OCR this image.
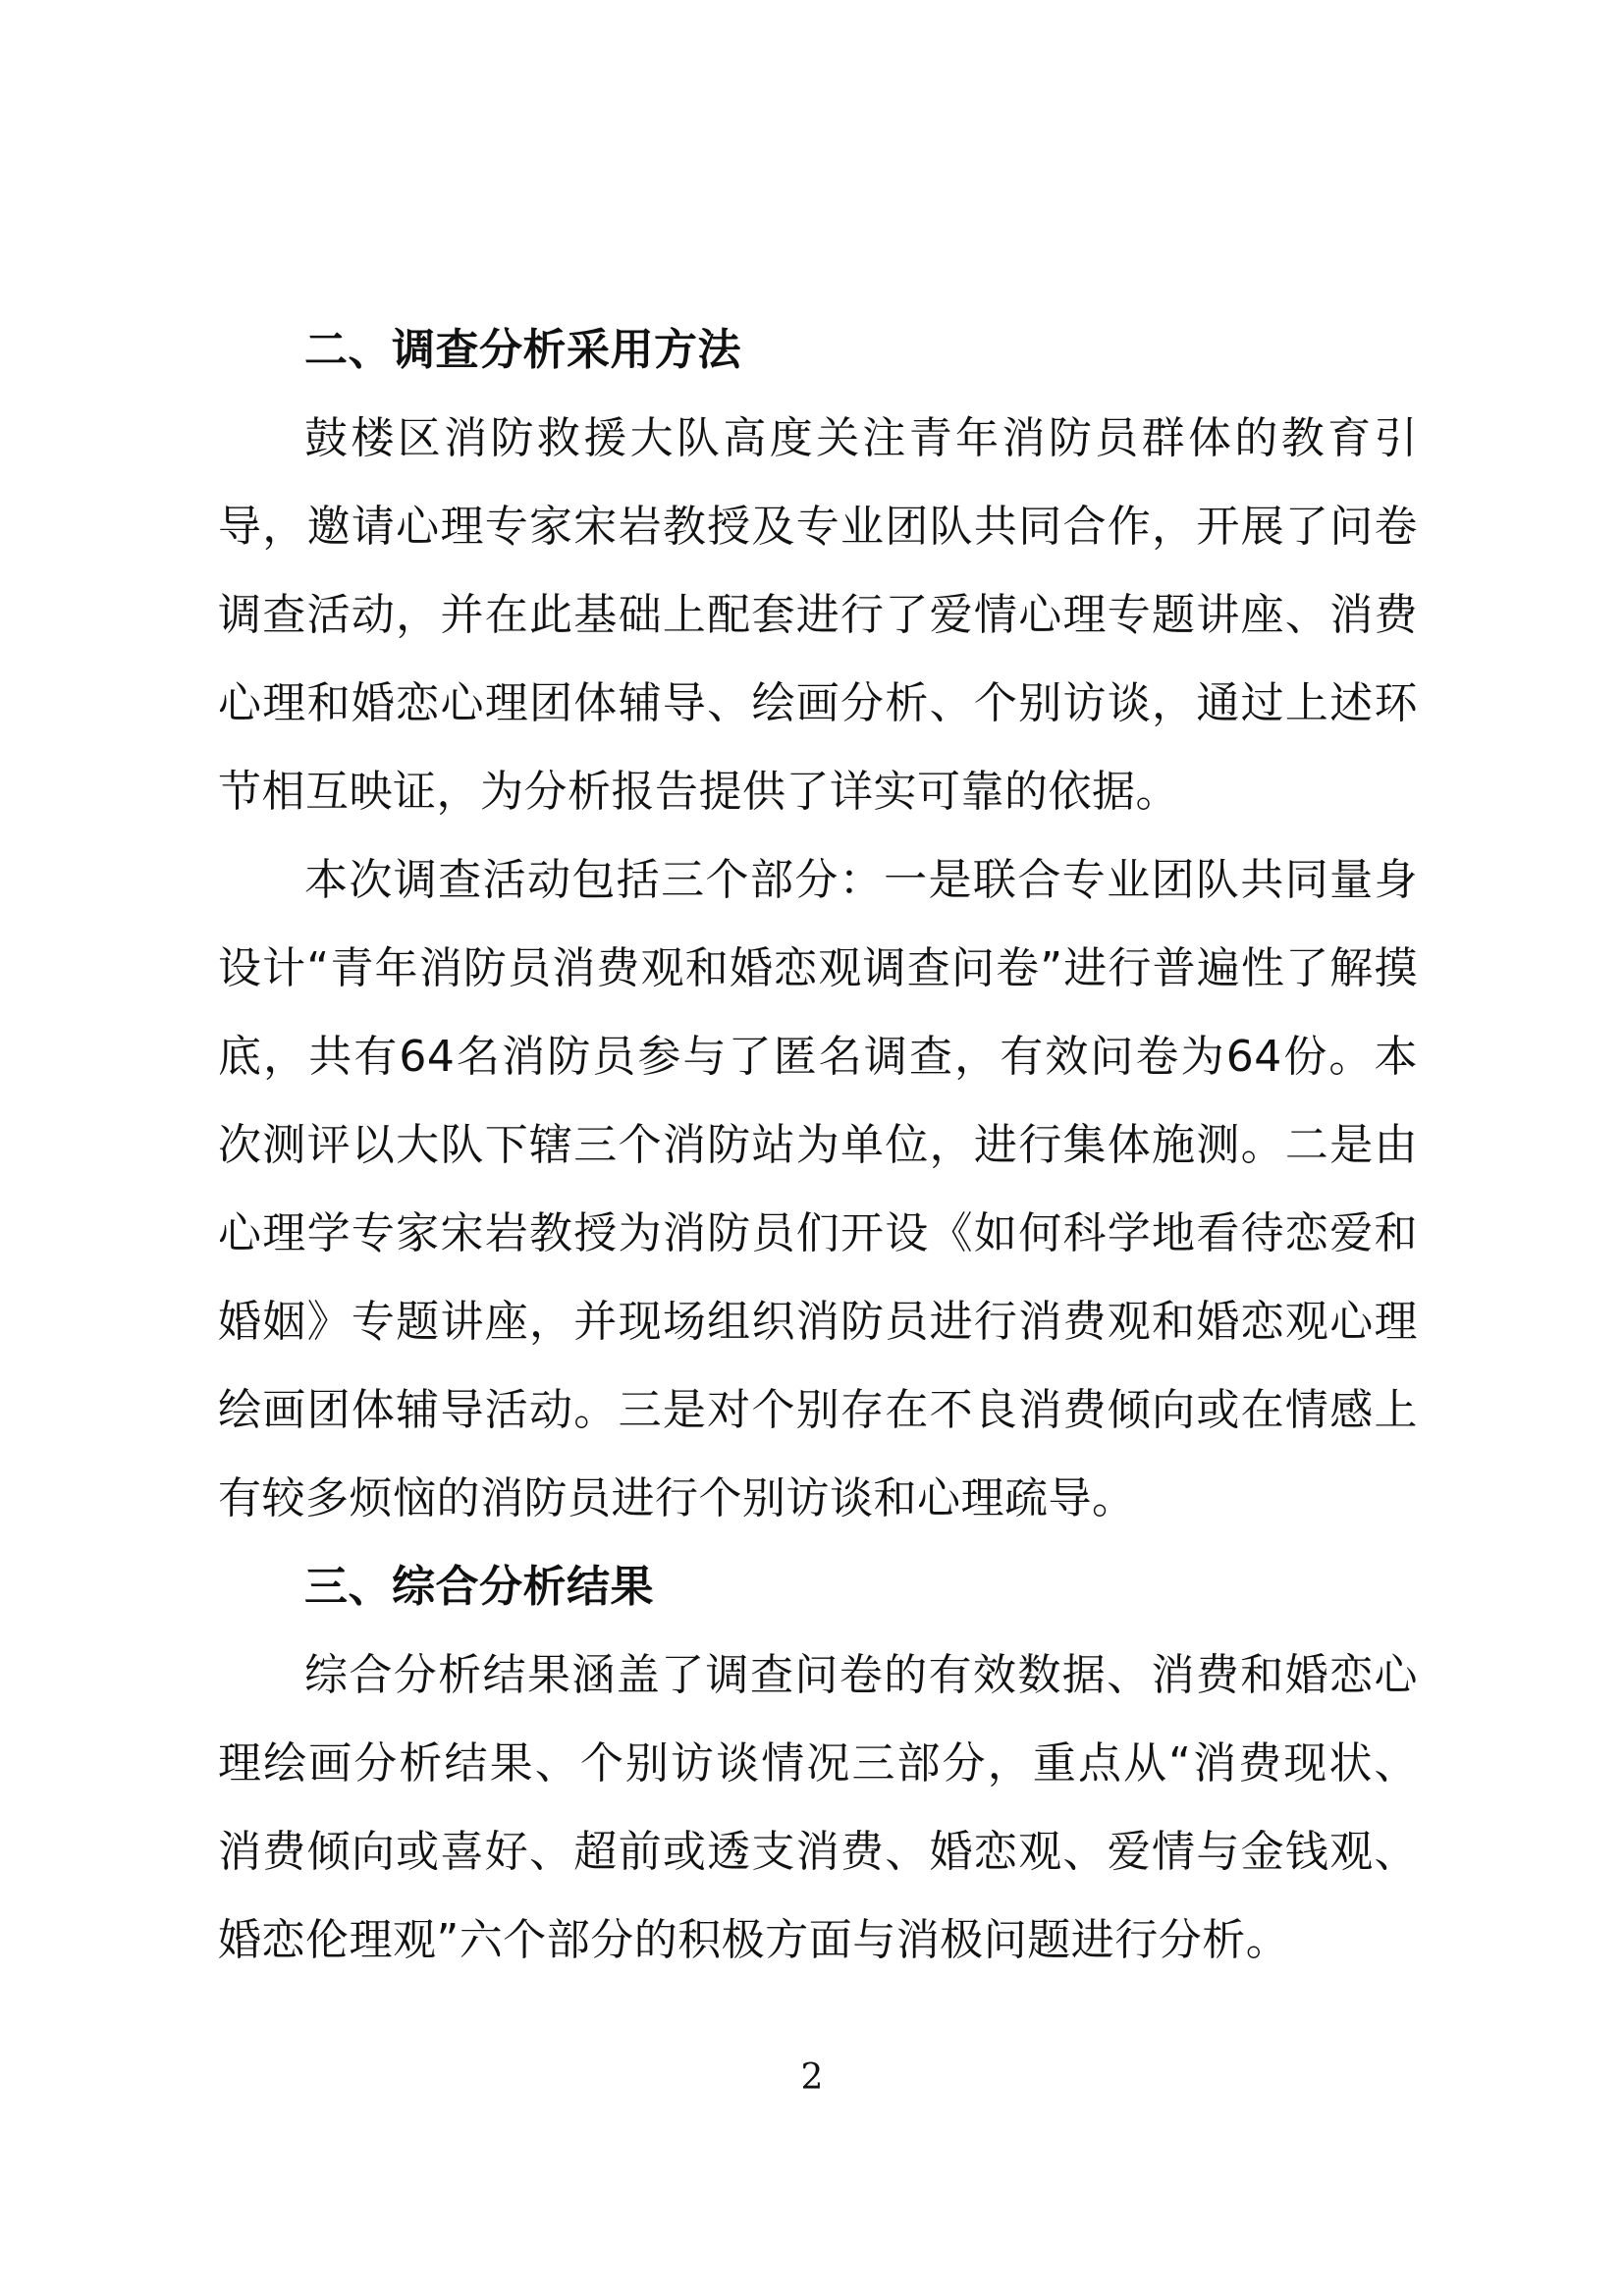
二、调查分析采用方法

鼓楼区消防救援大队高度关注青年消防员群体的教育引导，邀请心理专家宋岩教授及专业团队共同合作，开展了问卷调查活动，并在此基础上配套进行了爱情心理专题讲座、消费心理和婚恋心理团体辅导、绘画分析、个别访谈，通过上述环节相互映证，为分析报告提供了详实可靠的依据。

本次调查活动包括三个部分：一是联合专业团队共同量身设计“青年消防员消费观和婚恋观调查问卷”进行普遍性了解摸底，共有64名消防员参与了匿名调查，有效问卷为64份。本次测评以大队下辖三个消防站为单位，进行集体施测。二是由心理学专家宋岩教授为消防员们开设《如何科学地看待恋爱和婚姻》专题讲座，并现场组织消防员进行消费观和婚恋观心理绘画团体辅导活动。三是对个别存在不良消费倾向或在情感上有较多烦恼的消防员进行个别访谈和心理疏导。

三、综合分析结果

综合分析结果涵盖了调查问卷的有效数据、消费和婚恋心理绘画分析结果、个别访谈情况三部分，重点从“消费现状、消费倾向或喜好、超前或透支消费、婚恋观、爱情与金钱观、婚恋伦理观”六个部分的积极方面与消极问题进行分析。

2
